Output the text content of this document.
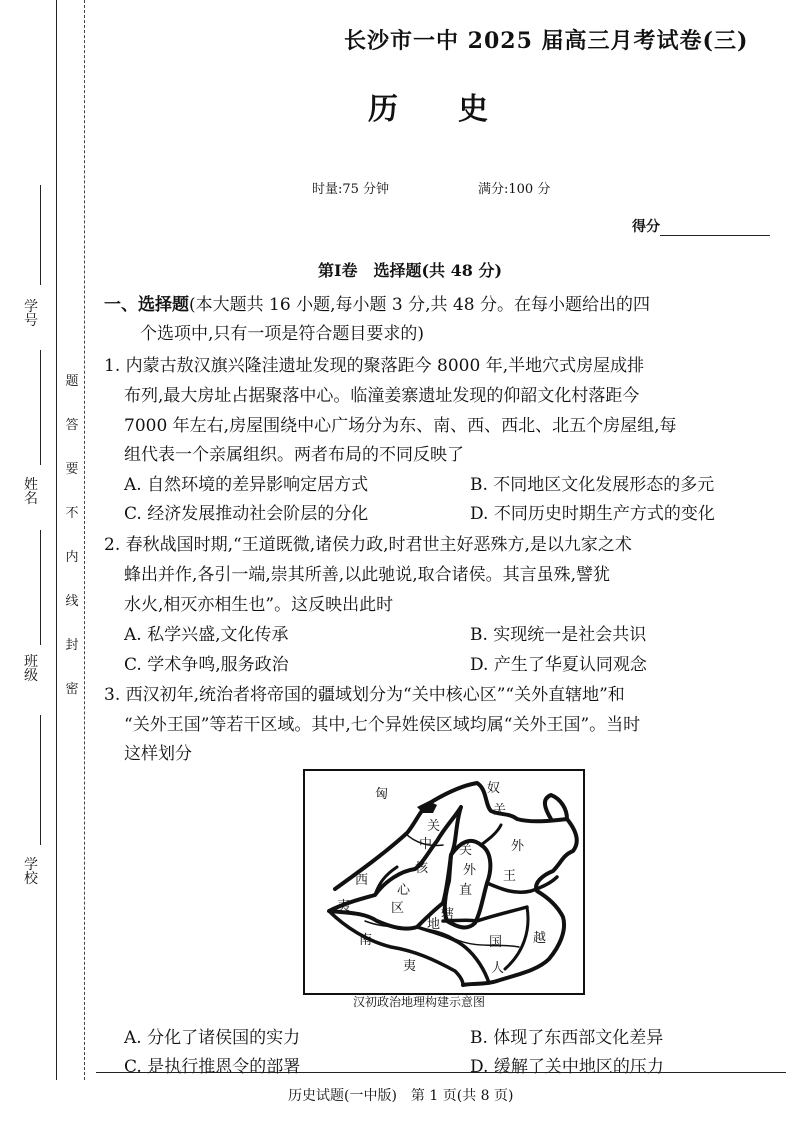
学号
姓名
班级
学校
密
封
线
内
不
要
答
题
长沙市一中 2025 届高三月考试卷(三)
历史
时量:75 分钟	满分:100 分
得分
第Ⅰ卷　选择题(共 48 分)
一、选择题(本大题共 16 小题,每小题 3 分,共 48 分。在每小题给出的四
个选项中,只有一项是符合题目要求的)
1. 内蒙古敖汉旗兴隆洼遗址发现的聚落距今 8000 年,半地穴式房屋成排
布列,最大房址占据聚落中心。临潼姜寨遗址发现的仰韶文化村落距今
7000 年左右,房屋围绕中心广场分为东、南、西、西北、北五个房屋组,每
组代表一个亲属组织。两者布局的不同反映了
A. 自然环境的差异影响定居方式	B. 不同地区文化发展形态的多元
C. 经济发展推动社会阶层的分化	D. 不同历史时期生产方式的变化
2. 春秋战国时期,“王道既微,诸侯力政,时君世主好恶殊方,是以九家之术
蜂出并作,各引一端,崇其所善,以此驰说,取合诸侯。其言虽殊,譬犹
水火,相灭亦相生也”。这反映出此时
A. 私学兴盛,文化传承	B. 实现统一是社会共识
C. 学术争鸣,服务政治	D. 产生了华夏认同观念
3. 西汉初年,统治者将帝国的疆域划分为“关中核心区”“关外直辖地”和
“关外王国”等若干区域。其中,七个异姓侯区域均属“关外王国”。当时
这样划分
匈	奴
关
中
核
心
区
西
夷
南
夷
关
外
直
辖
地
关
外
王
国 越
人
汉初政治地理构建示意图
A. 分化了诸侯国的实力	B. 体现了东西部文化差异
C. 是执行推恩令的部署	D. 缓解了关中地区的压力
历史试题(一中版)　第 1 页(共 8 页)
